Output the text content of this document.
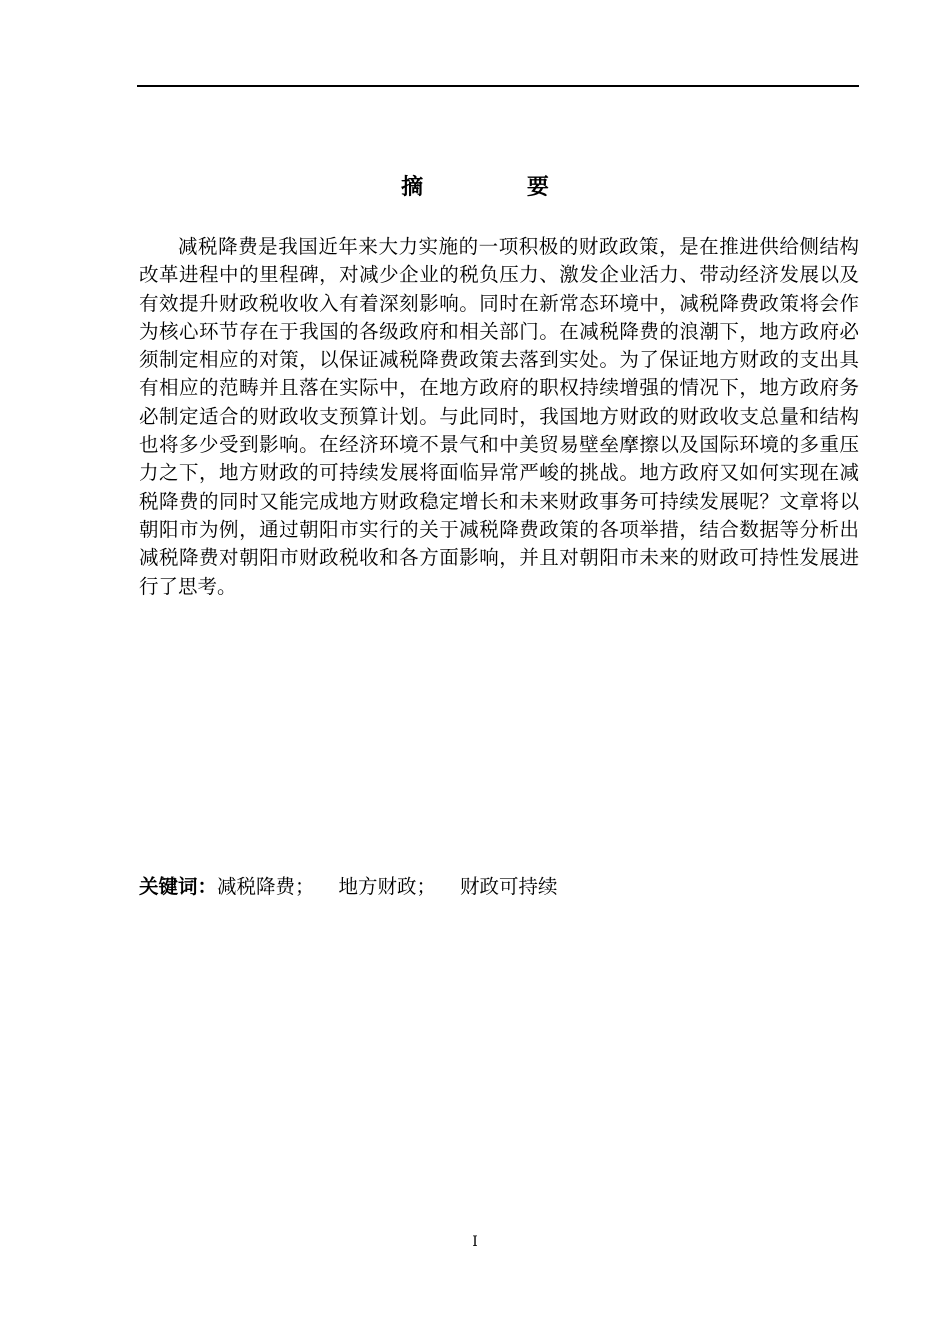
摘 要

减税降费是我国近年来大力实施的一项积极的财政政策，是在推进供给侧结构改革进程中的里程碑，对减少企业的税负压力、激发企业活力、带动经济发展以及有效提升财政税收收入有着深刻影响。同时在新常态环境中，减税降费政策将会作为核心环节存在于我国的各级政府和相关部门。在减税降费的浪潮下，地方政府必须制定相应的对策，以保证减税降费政策去落到实处。为了保证地方财政的支出具有相应的范畴并且落在实际中，在地方政府的职权持续增强的情况下，地方政府务必制定适合的财政收支预算计划。与此同时，我国地方财政的财政收支总量和结构也将多少受到影响。在经济环境不景气和中美贸易壁垒摩擦以及国际环境的多重压力之下，地方财政的可持续发展将面临异常严峻的挑战。地方政府又如何实现在减税降费的同时又能完成地方财政稳定增长和未来财政事务可持续发展呢？文章将以朝阳市为例，通过朝阳市实行的关于减税降费政策的各项举措，结合数据等分析出减税降费对朝阳市财政税收和各方面影响，并且对朝阳市未来的财政可持性发展进行了思考。

关键词：减税降费； 地方财政； 财政可持续
I
